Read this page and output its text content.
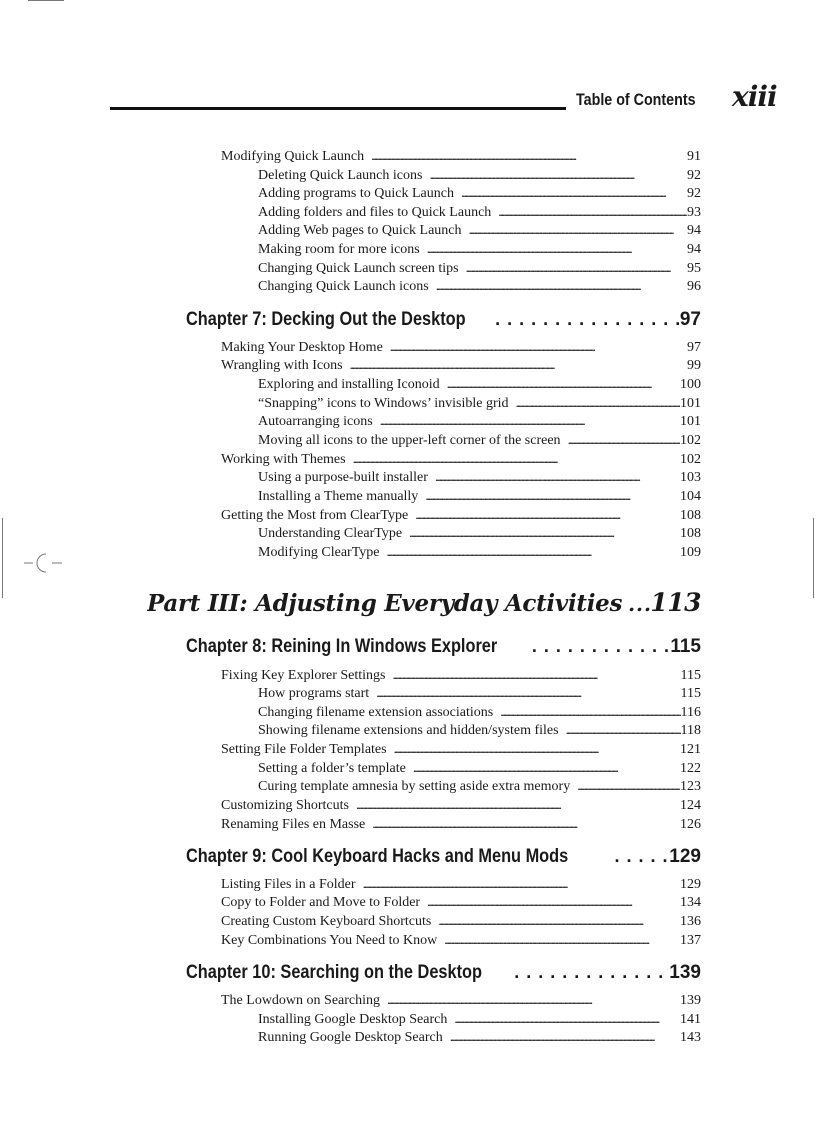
Table of Contents xiii
Modifying Quick Launch . . .	91
Deleting Quick Launch icons . . .	92
Adding programs to Quick Launch . . .	92
Adding folders and files to Quick Launch . . .	93
Adding Web pages to Quick Launch . . .	94
Making room for more icons . . .	94
Changing Quick Launch screen tips . . .	95
Changing Quick Launch icons . . .	96
Chapter 7: Decking Out the Desktop . . .	97
Making Your Desktop Home . . .	97
Wrangling with Icons . . .	99
Exploring and installing Iconoid . . .	100
“Snapping” icons to Windows’ invisible grid . . .	101
Autoarranging icons . . .	101
Moving all icons to the upper-left corner of the screen . . .	102
Working with Themes . . .	102
Using a purpose-built installer . . .	103
Installing a Theme manually . . .	104
Getting the Most from ClearType . . .	108
Understanding ClearType . . .	108
Modifying ClearType . . .	109
Part III: Adjusting Everyday Activities . . . 113
Chapter 8: Reining In Windows Explorer . . .	115
Fixing Key Explorer Settings . . .	115
How programs start . . .	115
Changing filename extension associations . . .	116
Showing filename extensions and hidden/system files . . .	118
Setting File Folder Templates . . .	121
Setting a folder’s template . . .	122
Curing template amnesia by setting aside extra memory . . .	123
Customizing Shortcuts . . .	124
Renaming Files en Masse . . .	126
Chapter 9: Cool Keyboard Hacks and Menu Mods . . .	129
Listing Files in a Folder . . .	129
Copy to Folder and Move to Folder . . .	134
Creating Custom Keyboard Shortcuts . . .	136
Key Combinations You Need to Know . . .	137
Chapter 10: Searching on the Desktop . . .	139
The Lowdown on Searching . . .	139
Installing Google Desktop Search . . .	141
Running Google Desktop Search . . .	143
